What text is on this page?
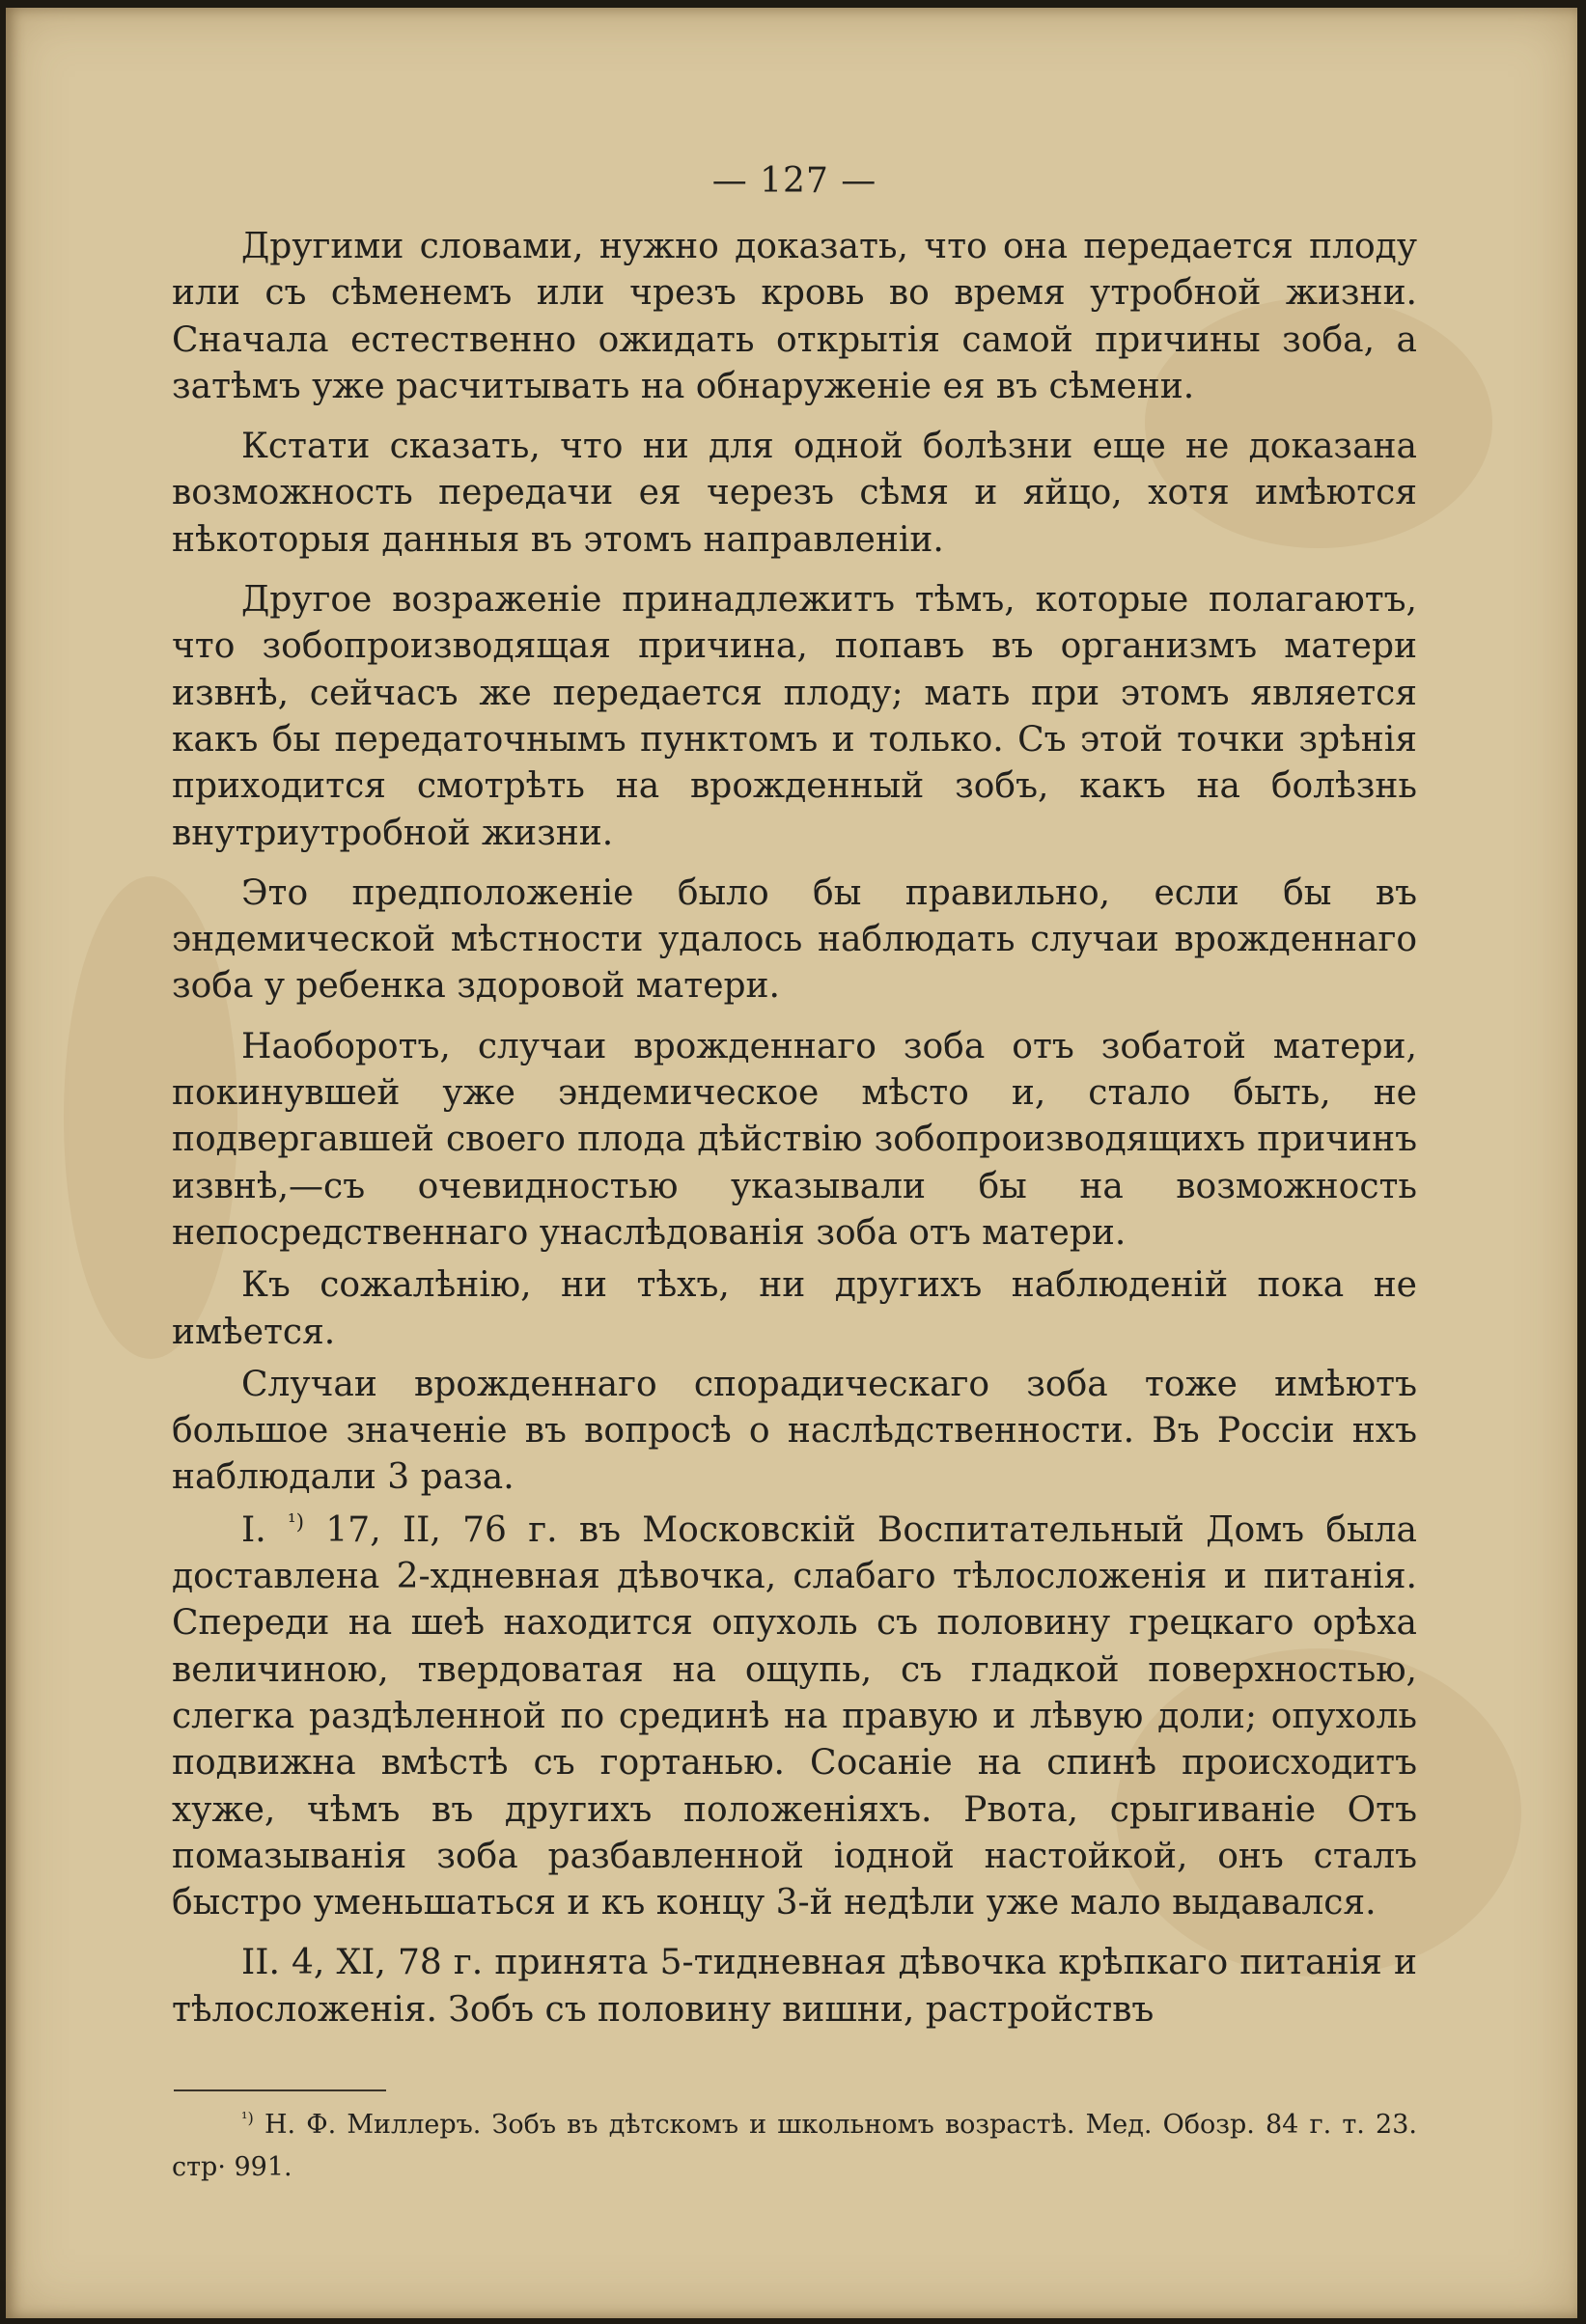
— 127 —

Другими словами, нужно доказать, что она передается плоду или съ сѣменемъ или чрезъ кровь во время утробной жизни. Сначала естественно ожидать открытія самой причины зоба, а затѣмъ уже расчитывать на обнаруженіе ея въ сѣмени.

Кстати сказать, что ни для одной болѣзни еще не доказана возможность передачи ея черезъ сѣмя и яйцо, хотя имѣются нѣкоторыя данныя въ этомъ направленіи.

Другое возраженіе принадлежитъ тѣмъ, которые полагаютъ, что зобопроизводящая причина, попавъ въ организмъ матери извнѣ, сейчасъ же передается плоду; мать при этомъ является какъ бы передаточнымъ пунктомъ и только. Съ этой точки зрѣнія приходится смотрѣть на врожденный зобъ, какъ на болѣзнь внутриутробной жизни.

Это предположеніе было бы правильно, если бы въ эндемической мѣстности удалось наблюдать случаи врожденнаго зоба у ребенка здоровой матери.

Наоборотъ, случаи врожденнаго зоба отъ зобатой матери, покинувшей уже эндемическое мѣсто и, стало быть, не подвергавшей своего плода дѣйствію зобопроизводящихъ причинъ извнѣ,—съ очевидностью указывали бы на возможность непосредственнаго унаслѣдованія зоба отъ матери.

Къ сожалѣнію, ни тѣхъ, ни другихъ наблюденій пока не имѣется.

Случаи врожденнаго спорадическаго зоба тоже имѣютъ большое значеніе въ вопросѣ о наслѣдственности. Въ Россіи нхъ наблюдали 3 раза.

I. $^{^1)}$ 17, II, 76 г. въ Московскій Воспитательный Домъ была доставлена 2-хдневная дѣвочка, слабаго тѣлосложенія и питанія. Спереди на шеѣ находится опухоль съ половину грецкаго орѣха величиною, твердоватая на ощупь, съ гладкой поверхностью, слегка раздѣленной по срединѣ на правую и лѣвую доли; опухоль подвижна вмѣстѣ съ гортанью. Сосаніе на спинѣ происходитъ хуже, чѣмъ въ другихъ положеніяхъ. Рвота, срыгиваніе Отъ помазыванія зоба разбавленной іодной настойкой, онъ сталъ быстро уменьшаться и къ концу 3-й недѣли уже мало выдавался.

II. 4, XI, 78 г. принята 5-тидневная дѣвочка крѣпкаго питанія и тѣлосложенія. Зобъ съ половину вишни, растройствъ

$^{^1)}$ Н. Ф. Миллеръ. Зобъ въ дѣтскомъ и школьномъ возрастѣ. Мед. Обозр. 84 г. т. 23. стр· 991.
